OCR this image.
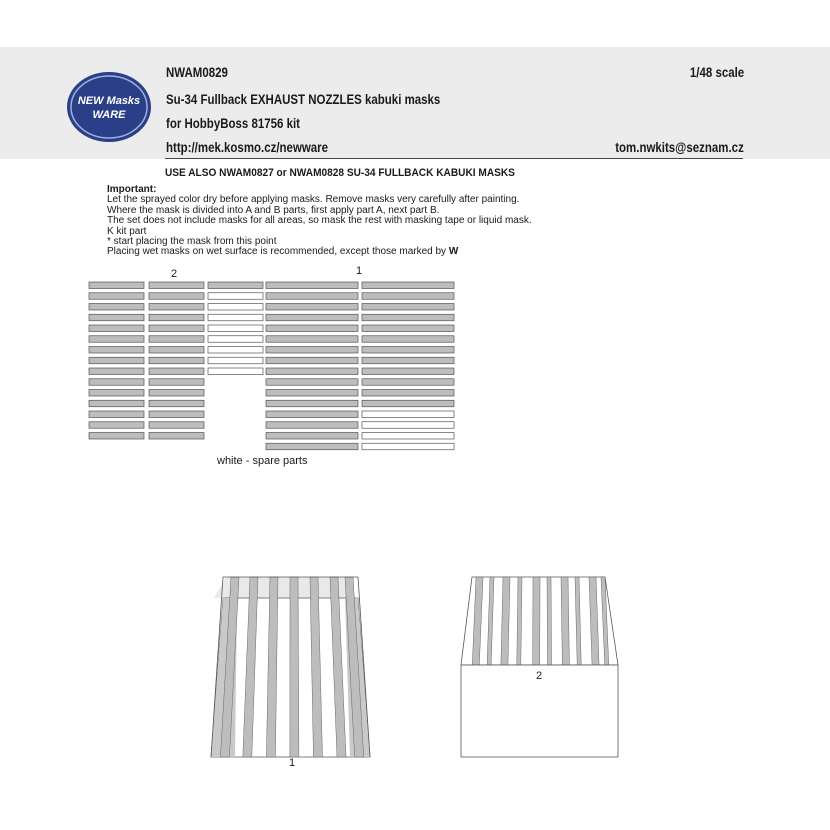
NEW Masks
WARE
NWAM0829	1/48 scale
Su-34 Fullback EXHAUST NOZZLES kabuki masks
for HobbyBoss 81756 kit
http://mek.kosmo.cz/newware	tom.nwkits@seznam.cz
USE ALSO NWAM0827 or NWAM0828 SU-34 FULLBACK KABUKI MASKS
Important:
Let the sprayed color dry before applying masks. Remove masks very carefully after painting.
Where the mask is divided into A and B parts, first apply part A, next part B.
The set does not include masks for all areas, so mask the rest with masking tape or liquid mask.
K kit part
* start placing the mask from this point
Placing wet masks on wet surface is recommended, except those marked by W
2	1
white - spare parts
1
2
